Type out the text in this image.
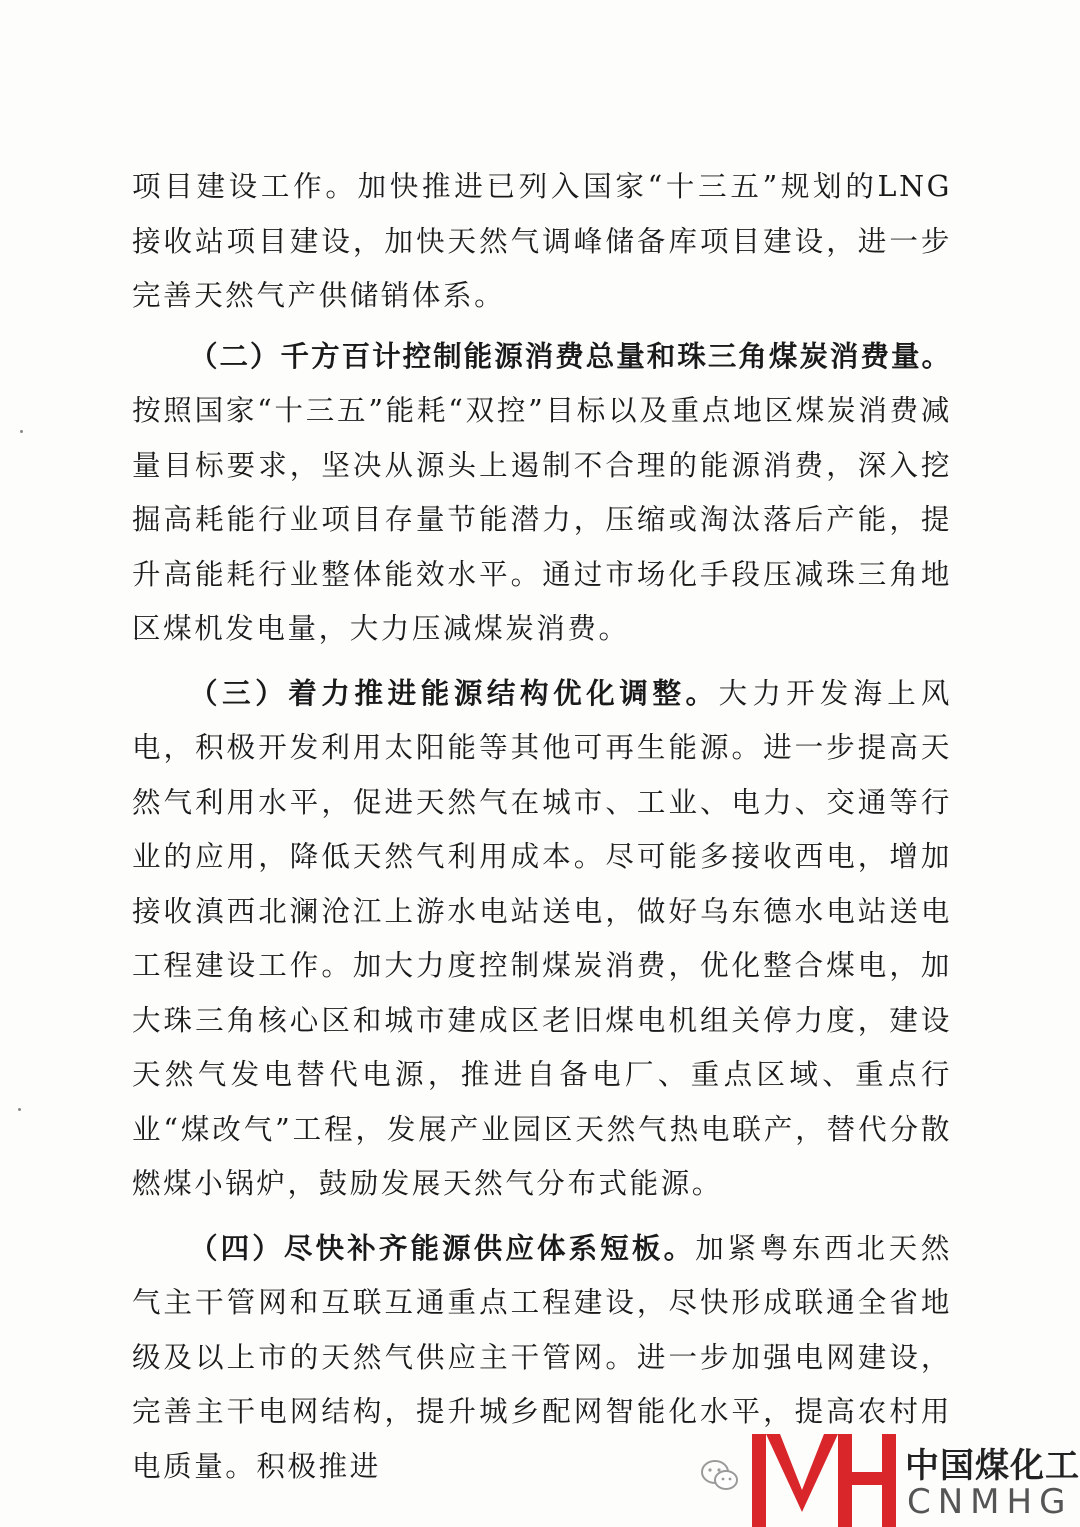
项目建设工作。加快推进已列入国家“十三五”规划的LNG接收站项目建设，加快天然气调峰储备库项目建设，进一步完善天然气产供储销体系。

（二）千方百计控制能源消费总量和珠三角煤炭消费量。按照国家“十三五”能耗“双控”目标以及重点地区煤炭消费减量目标要求，坚决从源头上遏制不合理的能源消费，深入挖掘高耗能行业项目存量节能潜力，压缩或淘汰落后产能，提升高能耗行业整体能效水平。通过市场化手段压减珠三角地区煤机发电量，大力压减煤炭消费。

（三）着力推进能源结构优化调整。大力开发海上风电，积极开发利用太阳能等其他可再生能源。进一步提高天然气利用水平，促进天然气在城市、工业、电力、交通等行业的应用，降低天然气利用成本。尽可能多接收西电，增加接收滇西北澜沧江上游水电站送电，做好乌东德水电站送电工程建设工作。加大力度控制煤炭消费，优化整合煤电，加大珠三角核心区和城市建成区老旧煤电机组关停力度，建设天然气发电替代电源，推进自备电厂、重点区域、重点行业“煤改气”工程，发展产业园区天然气热电联产，替代分散燃煤小锅炉，鼓励发展天然气分布式能源。

（四）尽快补齐能源供应体系短板。加紧粤东西北天然气主干管网和互联互通重点工程建设，尽快形成联通全省地级及以上市的天然气供应主干管网。进一步加强电网建设，完善主干电网结构，提升城乡配网智能化水平，提高农村用电质量。积极推进	中国煤化工
CNMHG
